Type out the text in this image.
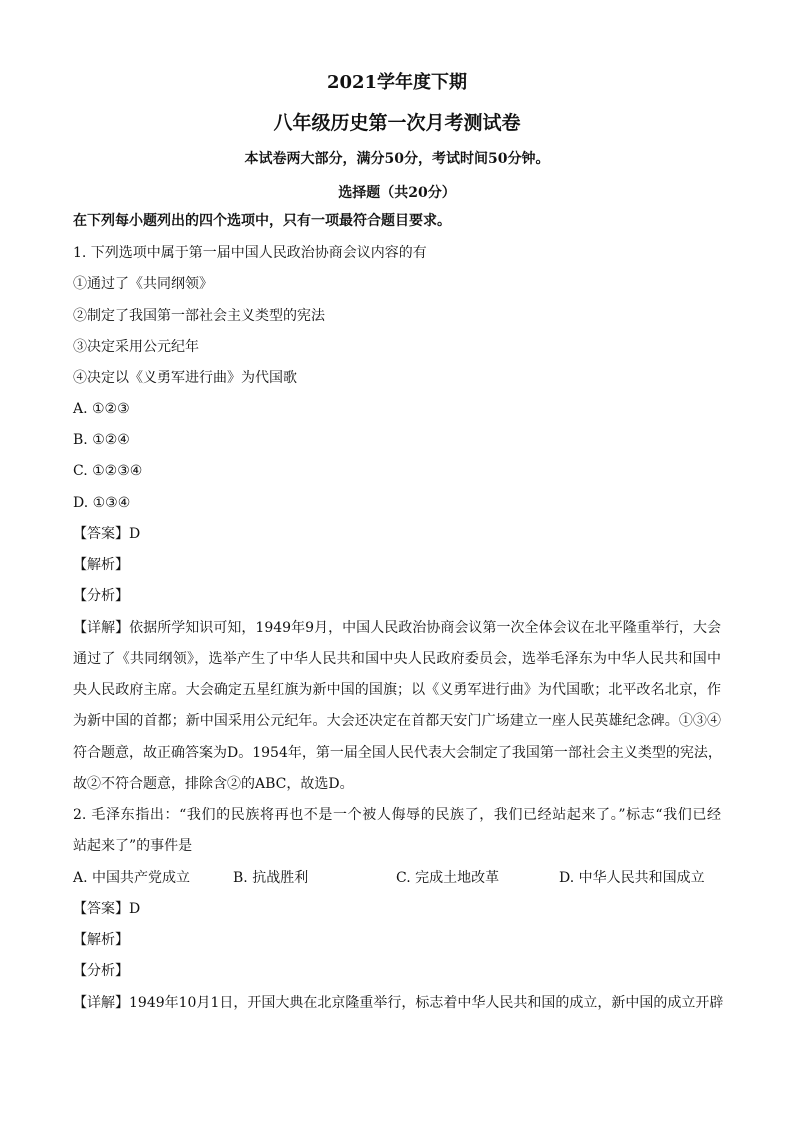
2021学年度下期
八年级历史第一次月考测试卷
本试卷两大部分，满分50分，考试时间50分钟。
选择题（共20分）
在下列每小题列出的四个选项中，只有一项最符合题目要求。
1. 下列选项中属于第一届中国人民政治协商会议内容的有
①通过了《共同纲领》
②制定了我国第一部社会主义类型的宪法
③决定采用公元纪年
④决定以《义勇军进行曲》为代国歌
A. ①②③
B. ①②④
C. ①②③④
D. ①③④
【答案】D
【解析】
【分析】
【详解】依据所学知识可知，1949年9月，中国人民政治协商会议第一次全体会议在北平隆重举行，大会
通过了《共同纲领》，选举产生了中华人民共和国中央人民政府委员会，选举毛泽东为中华人民共和国中
央人民政府主席。大会确定五星红旗为新中国的国旗；以《义勇军进行曲》为代国歌；北平改名北京，作
为新中国的首都；新中国采用公元纪年。大会还决定在首都天安门广场建立一座人民英雄纪念碑。①③④
符合题意，故正确答案为D。1954年，第一届全国人民代表大会制定了我国第一部社会主义类型的宪法，
故②不符合题意，排除含②的ABC，故选D。
2. 毛泽东指出：“我们的民族将再也不是一个被人侮辱的民族了，我们已经站起来了。”标志“我们已经
站起来了”的事件是
A. 中国共产党成立	B. 抗战胜利	C. 完成土地改革	D. 中华人民共和国成立
【答案】D
【解析】
【分析】
【详解】1949年10月1日，开国大典在北京隆重举行，标志着中华人民共和国的成立，新中国的成立开辟
